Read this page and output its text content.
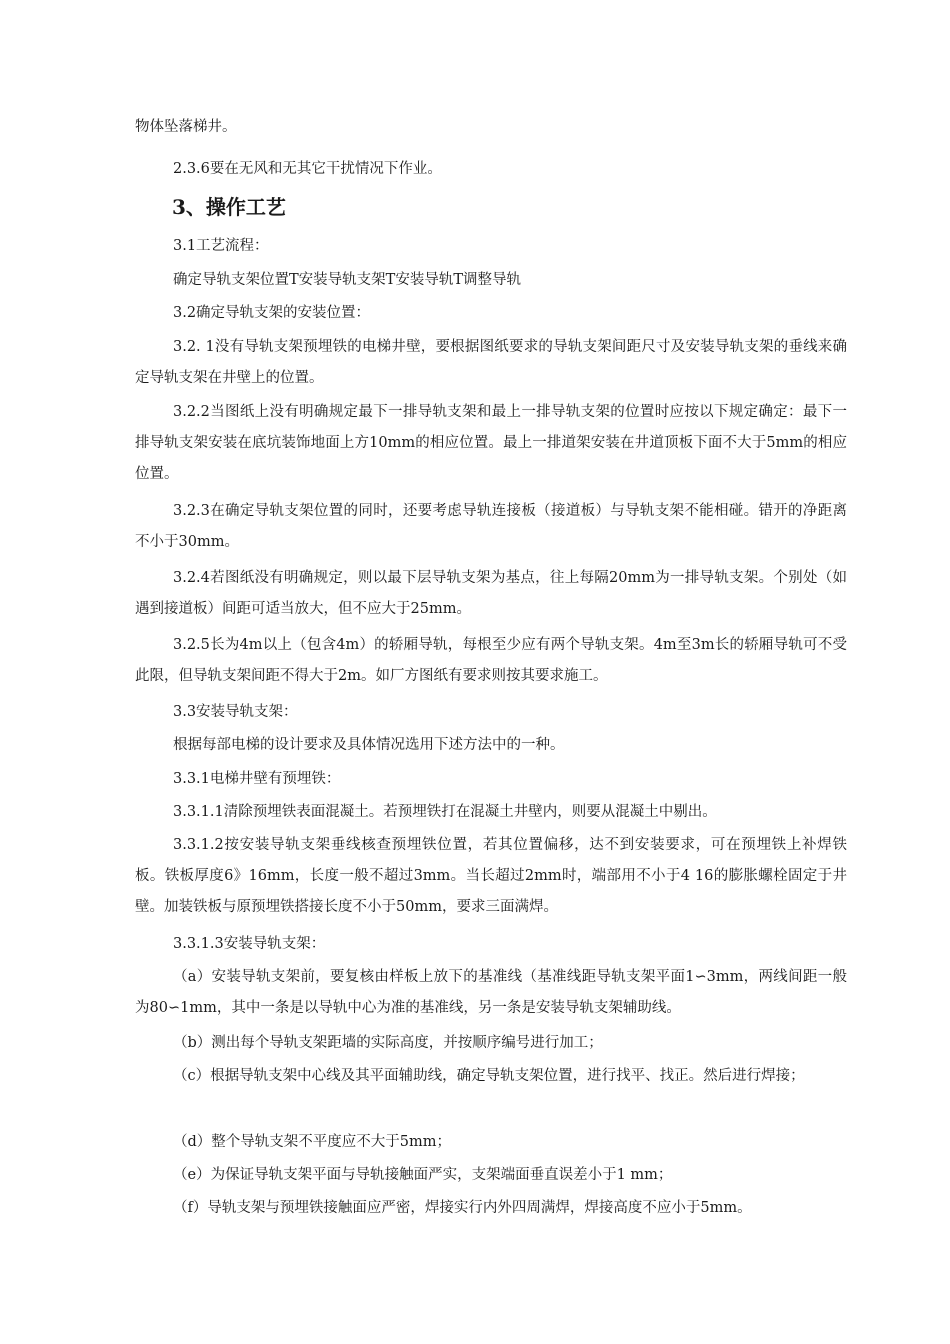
物体坠落梯井。

2.3.6要在无风和无其它干扰情况下作业。

3、操作工艺

3.1工艺流程：

确定导轨支架位置T安装导轨支架T安装导轨T调整导轨

3.2确定导轨支架的安装位置：

3.2. 1没有导轨支架预埋铁的电梯井壁，要根据图纸要求的导轨支架间距尺寸及安装导轨支架的垂线来确定导轨支架在井壁上的位置。

3.2.2当图纸上没有明确规定最下一排导轨支架和最上一排导轨支架的位置时应按以下规定确定：最下一排导轨支架安装在底坑装饰地面上方10mm的相应位置。最上一排道架安装在井道顶板下面不大于5mm的相应位置。

3.2.3在确定导轨支架位置的同时，还要考虑导轨连接板（接道板）与导轨支架不能相碰。错开的净距离不小于30mm。

3.2.4若图纸没有明确规定，则以最下层导轨支架为基点，往上每隔20mm为一排导轨支架。个别处（如遇到接道板）间距可适当放大，但不应大于25mm。

3.2.5长为4m以上（包含4m）的轿厢导轨，每根至少应有两个导轨支架。4m至3m长的轿厢导轨可不受此限，但导轨支架间距不得大于2m。如厂方图纸有要求则按其要求施工。

3.3安装导轨支架：

根据每部电梯的设计要求及具体情况选用下述方法中的一种。

3.3.1电梯井壁有预埋铁：

3.3.1.1清除预埋铁表面混凝土。若预埋铁打在混凝土井壁内，则要从混凝土中剔出。

3.3.1.2按安装导轨支架垂线核查预埋铁位置，若其位置偏移，达不到安装要求，可在预埋铁上补焊铁板。铁板厚度6》16mm，长度一般不超过3mm。当长超过2mm时，端部用不小于4 16的膨胀螺栓固定于井壁。加装铁板与原预埋铁搭接长度不小于50mm，要求三面满焊。

3.3.1.3安装导轨支架：

（a）安装导轨支架前，要复核由样板上放下的基准线（基准线距导轨支架平面1∽3mm，两线间距一般为80∽1mm，其中一条是以导轨中心为准的基准线，另一条是安装导轨支架辅助线。

（b）测出每个导轨支架距墙的实际高度，并按顺序编号进行加工；

（c）根据导轨支架中心线及其平面辅助线，确定导轨支架位置，进行找平、找正。然后进行焊接；

（d）整个导轨支架不平度应不大于5mm；

（e）为保证导轨支架平面与导轨接触面严实，支架端面垂直误差小于1 mm；

（f）导轨支架与预埋铁接触面应严密，焊接实行内外四周满焊，焊接高度不应小于5mm。
